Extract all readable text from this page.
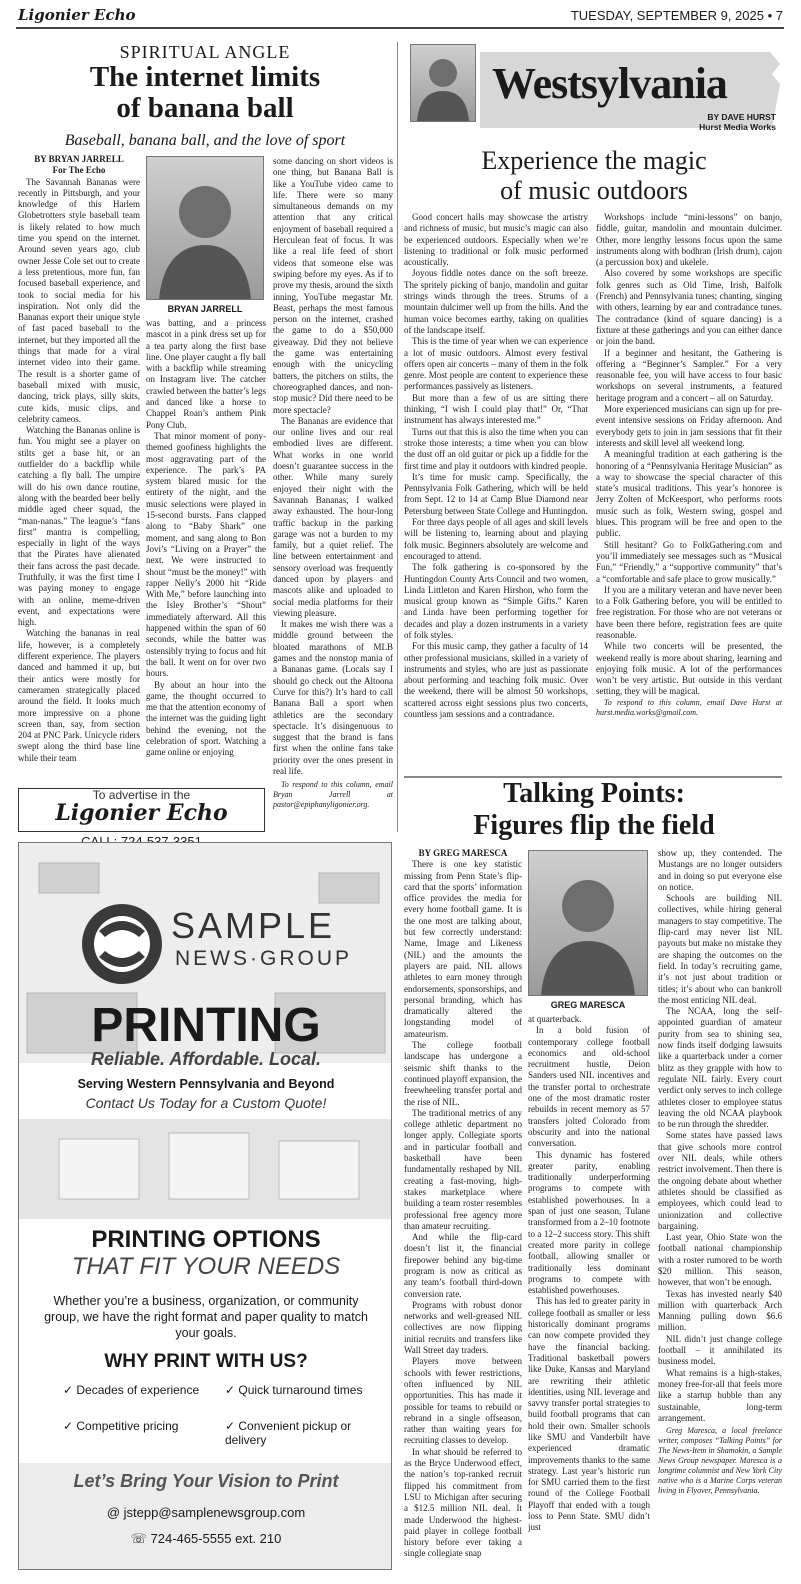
Ligonier Echo	TUESDAY, SEPTEMBER 9, 2025 • 7
SPIRITUAL ANGLE
The internet limits
of banana ball
Baseball, banana ball, and the love of sport
BY BRYAN JARRELL
For The Echo

The Savannah Bananas were recently in Pittsburgh, and your knowledge of this Harlem Globetrotters style baseball team is likely related to how much time you spend on the internet. Around seven years ago, club owner Jesse Cole set out to create a less pretentious, more fun, fan focused baseball experience, and took to social media for his inspiration. Not only did the Bananas export their unique style of fast paced baseball to the internet, but they imported all the things that made for a viral internet video into their game. The result is a shorter game of baseball mixed with music, dancing, trick plays, silly skits, cute kids, music clips, and celebrity cameos.

Watching the Bananas online is fun. You might see a player on stilts get a base hit, or an outfielder do a backflip while catching a fly ball. The umpire will do his own dance routine, along with the bearded beer belly middle aged cheer squad, the “man-nanas.” The league’s “fans first” mantra is compelling, especially in light of the ways that the Pirates have alienated their fans across the past decade. Truthfully, it was the first time I was paying money to engage with an online, meme-driven event, and expectations were high.

Watching the bananas in real life, however, is a completely different experience. The players danced and hammed it up, but their antics were mostly for cameramen strategically placed around the field. It looks much more impressive on a phone screen than, say, from section 204 at PNC Park. Unicycle riders swept along the third base line while their team

BRYAN JARRELL

was batting, and a princess mascot in a pink dress set up for a tea party along the first base line. One player caught a fly ball with a backflip while streaming on Instagram live. The catcher crawled between the batter’s legs and danced like a horse to Chappel Roan’s anthem Pink Pony Club.

That minor moment of pony-themed goofiness highlights the most aggravating part of the experience. The park’s PA system blared music for the entirety of the night, and the music selections were played in 15-second bursts. Fans clapped along to “Baby Shark” one moment, and sang along to Bon Jovi’s “Living on a Prayer” the next. We were instructed to shout “must be the money!” with rapper Nelly’s 2000 hit “Ride With Me,” before launching into the Isley Brother’s “Shout” immediately afterward. All this happened within the span of 60 seconds, while the batter was ostensibly trying to focus and hit the ball. It went on for over two hours.

By about an hour into the game, the thought occurred to me that the attention economy of the internet was the guiding light behind the evening, not the celebration of sport. Watching a game online or enjoying

some dancing on short videos is one thing, but Banana Ball is like a YouTube video came to life. There were so many simultaneous demands on my attention that any critical enjoyment of baseball required a Herculean feat of focus. It was like a real life feed of short videos that someone else was swiping before my eyes. As if to prove my thesis, around the sixth inning, YouTube megastar Mr. Beast, perhaps the most famous person on the internet, crashed the game to do a $50,000 giveaway. Did they not believe the game was entertaining enough with the unicycling batters, the pitchers on stilts, the choreographed dances, and non-stop music? Did there need to be more spectacle?

The Bananas are evidence that our online lives and our real embodied lives are different. What works in one world doesn’t guarantee success in the other. While many surely enjoyed their night with the Savannah Bananas, I walked away exhausted. The hour-long traffic backup in the parking garage was not a burden to my family, but a quiet relief. The line between entertainment and sensory overload was frequently danced upon by players and mascots alike and uploaded to social media platforms for their viewing pleasure.

It makes me wish there was a middle ground between the bloated marathons of MLB games and the nonstop mania of a Bananas game. (Locals say I should go check out the Altoona Curve for this?) It’s hard to call Banana Ball a sport when athletics are the secondary spectacle. It’s disingenuous to suggest that the brand is fans first when the online fans take priority over the ones present in real life.

To respond to this column, email Bryan Jarrell at pastor@epiphanyligonier.org.

To advertise in the
Ligonier Echo
Westsylvania
BY DAVE HURST
Hurst Media Works
Experience the magic
of music outdoors

Good concert halls may showcase the artistry and richness of music, but music’s magic can also be experienced outdoors. Especially when we’re listening to traditional or folk music performed acoustically.

Joyous fiddle notes dance on the soft breeze. The spritely picking of banjo, mandolin and guitar strings winds through the trees. Strums of a mountain dulcimer well up from the hills. And the human voice becomes earthy, taking on qualities of the landscape itself.

This is the time of year when we can experience a lot of music outdoors. Almost every festival offers open air concerts – many of them in the folk genre. Most people are content to experience these performances passively as listeners.

But more than a few of us are sitting there thinking, “I wish I could play that!” Or, “That instrument has always interested me.”

Turns out that this is also the time when you can stroke those interests; a time when you can blow the dust off an old guitar or pick up a fiddle for the first time and play it outdoors with kindred people.

It’s time for music camp. Specifically, the Pennsylvania Folk Gathering, which will be held from Sept. 12 to 14 at Camp Blue Diamond near Petersburg between State College and Huntingdon.

For three days people of all ages and skill levels will be listening to, learning about and playing folk music. Beginners absolutely are welcome and encouraged to attend.

The folk gathering is co-sponsored by the Huntingdon County Arts Council and two women, Linda Littleton and Karen Hirshon, who form the musical group known as “Simple Gifts.” Karen and Linda have been performing together for decades and play a dozen instruments in a variety of folk styles.

For this music camp, they gather a faculty of 14 other professional musicians, skilled in a variety of instruments and styles, who are just as passionate about performing and teaching folk music. Over the weekend, there will be almost 50 workshops, scattered across eight sessions plus two concerts, countless jam sessions and a contradance.

Workshops include “mini-lessons” on banjo, fiddle, guitar, mandolin and mountain dulcimer. Other, more lengthy lessons focus upon the same instruments along with bodhran (Irish drum), cajon (a percussion box) and ukelele.

Also covered by some workshops are specific folk genres such as Old Time, Irish, Balfolk (French) and Pennsylvania tunes; chanting, singing with others, learning by ear and contradance tunes. The contradance (kind of square dancing) is a fixture at these gatherings and you can either dance or join the band.

If a beginner and hesitant, the Gathering is offering a “Beginner’s Sampler.” For a very reasonable fee, you will have access to four basic workshops on several instruments, a featured heritage program and a concert – all on Saturday.

More experienced musicians can sign up for pre-event intensive sessions on Friday afternoon. And everybody gets to join in jam sessions that fit their interests and skill level all weekend long.

A meaningful tradition at each gathering is the honoring of a “Pennsylvania Heritage Musician” as a way to showcase the special character of this state’s musical traditions. This year’s honoree is Jerry Zolten of McKeesport, who performs roots music such as folk, Western swing, gospel and blues. This program will be free and open to the public.

Still hesitant? Go to FolkGathering.com and you’ll immediately see messages such as “Musical Fun,” “Friendly,” a “supportive community” that’s a “comfortable and safe place to grow musically.”

If you are a military veteran and have never been to a Folk Gathering before, you will be entitled to free registration. For those who are not veterans or have been there before, registration fees are quite reasonable.

While two concerts will be presented, the weekend really is more about sharing, learning and enjoying folk music. A lot of the performances won’t be very artistic. But outside in this verdant setting, they will be magical.

To respond to this column, email Dave Hurst at hurst.media.works@gmail.com.

SAMPLE
NEWS·GROUP
PRINTING
Reliable. Affordable. Local.
Serving Western Pennsylvania and Beyond
Contact Us Today for a Custom Quote!
PRINTING OPTIONS
THAT FIT YOUR NEEDS
Whether you’re a business, organization, or community group, we have the right format and paper quality to match your goals.
WHY PRINT WITH US?
✓ Decades of experience	✓ Quick turnaround times
✓ Competitive pricing	✓ Convenient pickup or delivery
Let’s Bring Your Vision to Print
@ jstepp@samplenewsgroup.com
☏ 724-465-5555 ext. 210
Talking Points:
Figures flip the field
BY GREG MARESCA

There is one key statistic missing from Penn State’s flip-card that the sports’ information office provides the media for every home football game. It is the one most are talking about, but few correctly understand: Name, Image and Likeness (NIL) and the amounts the players are paid. NIL allows athletes to earn money through endorsements, sponsorships, and personal branding, which has dramatically altered the longstanding model of amateurism.

The college football landscape has undergone a seismic shift thanks to the continued playoff expansion, the freewheeling transfer portal and the rise of NIL.

The traditional metrics of any college athletic department no longer apply. Collegiate sports and in particular football and basketball have been fundamentally reshaped by NIL creating a fast-moving, high-stakes marketplace where building a team roster resembles professional free agency more than amateur recruiting.

And while the flip-card doesn’t list it, the financial firepower behind any big-time program is now as critical as any team’s football third-down conversion rate.

Programs with robust donor networks and well-greased NIL collectives are now flipping initial recruits and transfers like Wall Street day traders.

Players move between schools with fewer restrictions, often influenced by NIL opportunities. This has made it possible for teams to rebuild or rebrand in a single offseason, rather than waiting years for recruiting classes to develop.

In what should be referred to as the Bryce Underwood effect, the nation’s top-ranked recruit flipped his commitment from LSU to Michigan after securing a $12.5 million NIL deal. It made Underwood the highest-paid player in college football history before ever taking a single collegiate snap

GREG MARESCA

at quarterback.

In a bold fusion of contemporary college football economics and old-school recruitment hustle, Deion Sanders used NIL incentives and the transfer portal to orchestrate one of the most dramatic roster rebuilds in recent memory as 57 transfers jolted Colorado from obscurity and into the national conversation.

This dynamic has fostered greater parity, enabling traditionally underperforming programs to compete with established powerhouses. In a span of just one season, Tulane transformed from a 2–10 footnote to a 12–2 success story. This shift created more parity in college football, allowing smaller or traditionally less dominant programs to compete with established powerhouses.

This has led to greater parity in college football as smaller or less historically dominant programs can now compete provided they have the financial backing. Traditional basketball powers like Duke, Kansas and Maryland are rewriting their athletic identities, using NIL leverage and savvy transfer portal strategies to build football programs that can hold their own. Smaller schools like SMU and Vanderbilt have experienced dramatic improvements thanks to the same strategy. Last year’s historic run for SMU carried them to the first round of the College Football Playoff that ended with a tough loss to Penn State. SMU didn’t just

show up, they contended. The Mustangs are no longer outsiders and in doing so put everyone else on notice.

Schools are building NIL collectives, while hiring general managers to stay competitive. The flip-card may never list NIL payouts but make no mistake they are shaping the outcomes on the field. In today’s recruiting game, it’s not just about tradition or titles; it’s about who can bankroll the most enticing NIL deal.

The NCAA, long the self-appointed guardian of amateur purity from sea to shining sea, now finds itself dodging lawsuits like a quarterback under a corner blitz as they grapple with how to regulate NIL fairly. Every court verdict only serves to inch college athletes closer to employee status leaving the old NCAA playbook to be run through the shredder.

Some states have passed laws that give schools more control over NIL deals, while others restrict involvement. Then there is the ongoing debate about whether athletes should be classified as employees, which could lead to unionization and collective bargaining.

Last year, Ohio State won the football national championship with a roster rumored to be worth $20 million. This season, however, that won’t be enough.

Texas has invested nearly $40 million with quarterback Arch Manning pulling down $6.6 million.

NIL didn’t just change college football – it annihilated its business model.

What remains is a high-stakes, money free-for-all that feels more like a startup bubble than any sustainable, long-term arrangement.

Greg Maresca, a local freelance writer, composes “Talking Points” for The News-Item in Shamokin, a Sample News Group newspaper. Maresca is a longtime columnist and New York City native who is a Marine Corps veteran living in Flyover, Pennsylvania.
